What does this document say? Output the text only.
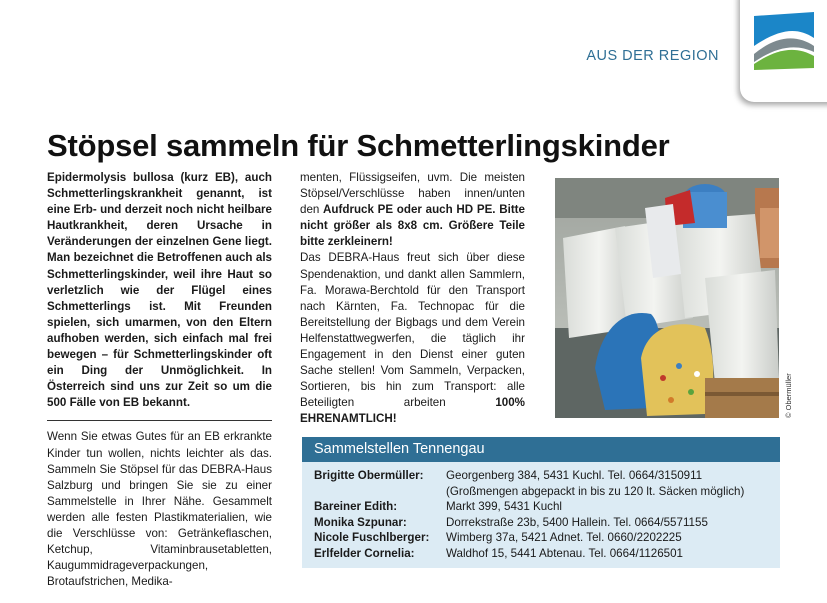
AUS DER REGION
Stöpsel sammeln für Schmetterlingskinder

Epidermolysis bullosa (kurz EB), auch Schmetterlingskrankheit genannt, ist eine Erb- und derzeit noch nicht heilbare Hautkrankheit, deren Ursache in Veränderungen der einzelnen Gene liegt. Man bezeichnet die Betroffenen auch als Schmetterlingskinder, weil ihre Haut so verletzlich wie der Flügel eines Schmetterlings ist. Mit Freunden spielen, sich umarmen, von den Eltern aufhoben werden, sich einfach mal frei bewegen – für Schmetterlingskinder oft ein Ding der Unmöglichkeit. In Österreich sind uns zur Zeit so um die 500 Fälle von EB bekannt.

Wenn Sie etwas Gutes für an EB erkrankte Kinder tun wollen, nichts leichter als das. Sammeln Sie Stöpsel für das DEBRA-Haus Salzburg und bringen Sie sie zu einer Sammelstelle in Ihrer Nähe. Gesammelt werden alle festen Plastikmaterialien, wie die Verschlüsse von: Getränkeflaschen, Ketchup, Vitaminbrausetabletten, Kaugummidrageverpackungen, Brotaufstrichen, Medika-

menten, Flüssigseifen, uvm. Die meisten Stöpsel/Verschlüsse haben innen/unten den Aufdruck PE oder auch HD PE. Bitte nicht größer als 8x8 cm. Größere Teile bitte zerkleinern!

Das DEBRA-Haus freut sich über diese Spendenaktion, und dankt allen Sammlern, Fa. Morawa-Berchtold für den Transport nach Kärnten, Fa. Technopac für die Bereitstellung der Bigbags und dem Verein Helfenstattwegwerfen, die täglich ihr Engagement in den Dienst einer guten Sache stellen! Vom Sammeln, Verpacken, Sortieren, bis hin zum Transport: alle Beteiligten arbeiten 100% EHRENAMTLICH!

© Obermüller
Sammelstellen Tennengau
Brigitte Obermüller:	Georgenberg 384, 5431 Kuchl. Tel. 0664/3150911
(Großmengen abgepackt in bis zu 120 lt. Säcken möglich)
Bareiner Edith:	Markt 399, 5431 Kuchl
Monika Szpunar:	Dorrekstraße 23b, 5400 Hallein. Tel. 0664/5571155
Nicole Fuschlberger:	Wimberg 37a, 5421 Adnet. Tel. 0660/2202225
Erlfelder Cornelia:	Waldhof 15, 5441 Abtenau. Tel. 0664/1126501
